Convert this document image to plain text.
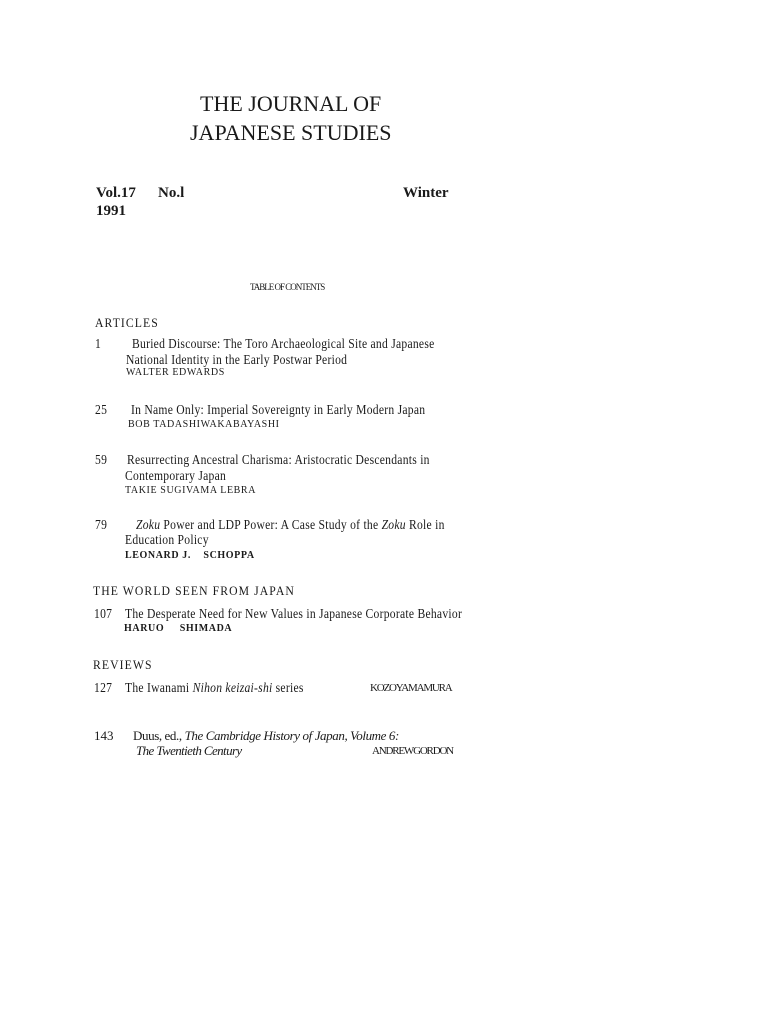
THE JOURNAL OF
JAPANESE STUDIES
Vol.17 No.l	Winter
1991
TABLE OF CONTENTS
ARTICLES
1 Buried Discourse: The Toro Archaeological Site and Japanese
National Identity in the Early Postwar Period
WALTER EDWARDS
25 In Name Only: Imperial Sovereignty in Early Modern Japan
BOB TADASHIWAKABAYASHI
59 Resurrecting Ancestral Charisma: Aristocratic Descendants in
Contemporary Japan
TAKIE SUGIVAMA LEBRA
79 Zoku Power and LDP Power: A Case Study of the Zoku Role in
Education Policy
LEONARD J.    SCHOPPA
THE WORLD SEEN FROM JAPAN
107 The Desperate Need for New Values in Japanese Corporate Behavior
HARUO     SHIMADA
REVIEWS
127 The Iwanami Nihon keizai-shi series	KOZOYAMAMURA
143 Duus, ed., The Cambridge History of Japan, Volume 6:
The Twentieth Century	ANDREWGORDON
